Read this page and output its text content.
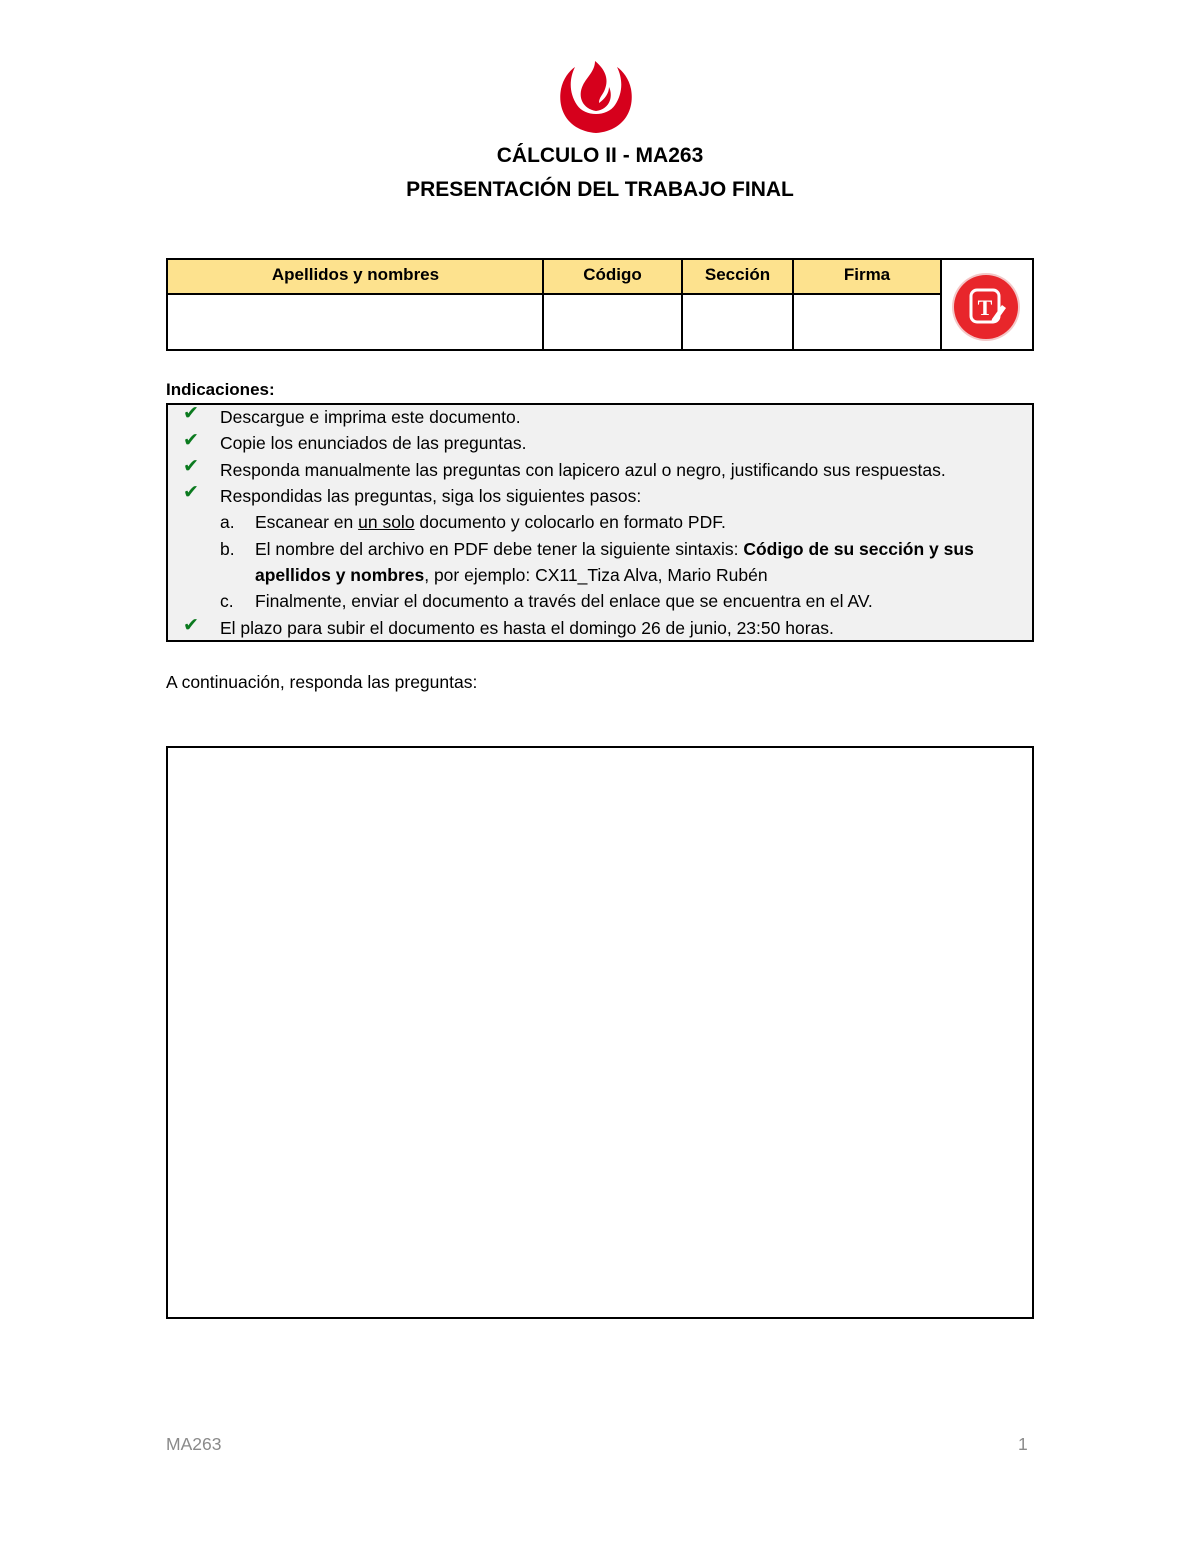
CÁLCULO II - MA263
PRESENTACIÓN DEL TRABAJO FINAL
Apellidos y nombres	Código	Sección	Firma
T
Indicaciones:
✔ Descargue e imprima este documento.
✔ Copie los enunciados de las preguntas.
✔ Responda manualmente las preguntas con lapicero azul o negro, justificando sus respuestas.
✔ Respondidas las preguntas, siga los siguientes pasos:
a. Escanear en un solo documento y colocarlo en formato PDF.
b. El nombre del archivo en PDF debe tener la siguiente sintaxis: Código de su sección y sus
apellidos y nombres, por ejemplo: CX11_Tiza Alva, Mario Rubén
c. Finalmente, enviar el documento a través del enlace que se encuentra en el AV.
✔ El plazo para subir el documento es hasta el domingo 26 de junio, 23:50 horas.
A continuación, responda las preguntas:
MA263	1
